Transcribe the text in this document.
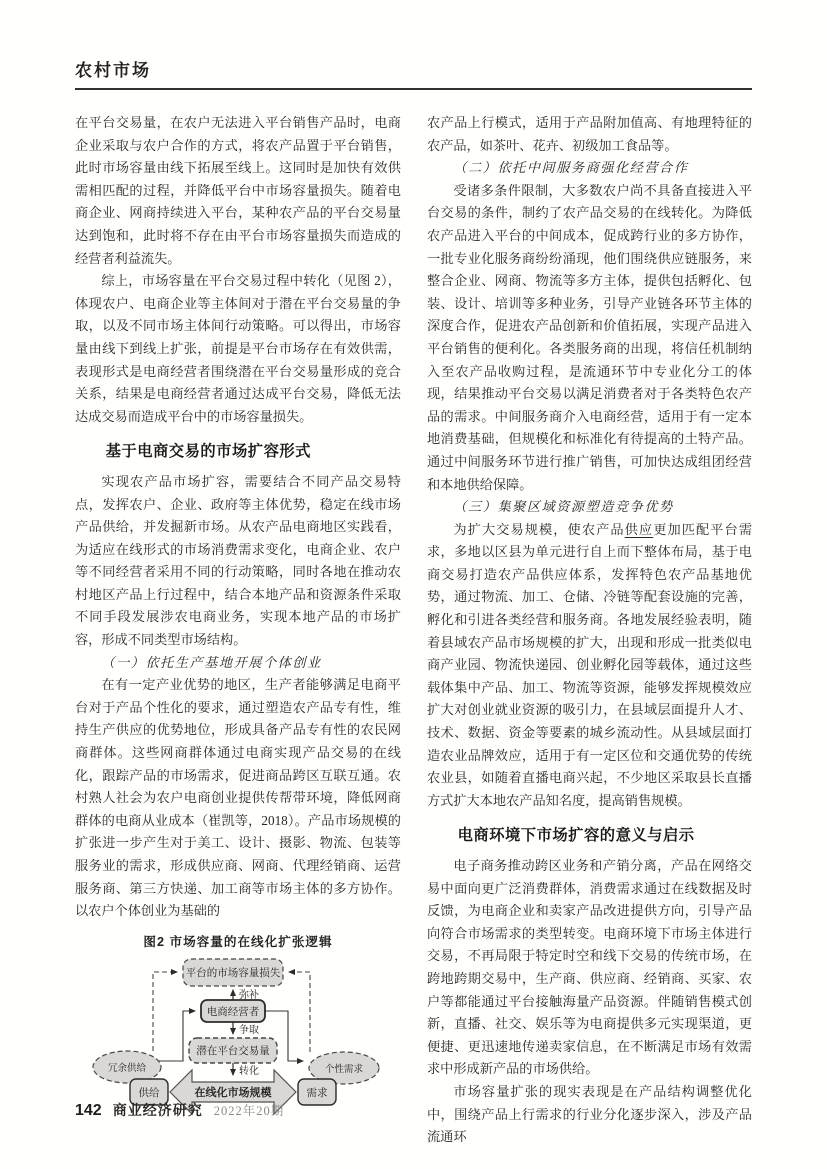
农村市场

在平台交易量，在农户无法进入平台销售产品时，电商企业采取与农户合作的方式，将农产品置于平台销售，此时市场容量由线下拓展至线上。这同时是加快有效供需相匹配的过程，并降低平台中市场容量损失。随着电商企业、网商持续进入平台，某种农产品的平台交易量达到饱和，此时将不存在由平台市场容量损失而造成的经营者利益流失。

综上，市场容量在平台交易过程中转化（见图 2），体现农户、电商企业等主体间对于潜在平台交易量的争取，以及不同市场主体间行动策略。可以得出，市场容量由线下到线上扩张，前提是平台市场存在有效供需，表现形式是电商经营者围绕潜在平台交易量形成的竞合关系，结果是电商经营者通过达成平台交易，降低无法达成交易而造成平台中的市场容量损失。

基于电商交易的市场扩容形式

实现农产品市场扩容，需要结合不同产品交易特点，发挥农户、企业、政府等主体优势，稳定在线市场产品供给，并发掘新市场。从农产品电商地区实践看，为适应在线形式的市场消费需求变化，电商企业、农户等不同经营者采用不同的行动策略，同时各地在推动农村地区产品上行过程中，结合本地产品和资源条件采取不同手段发展涉农电商业务，实现本地产品的市场扩容，形成不同类型市场结构。

（一）依托生产基地开展个体创业

在有一定产业优势的地区，生产者能够满足电商平台对于产品个性化的要求，通过塑造农产品专有性，维持生产供应的优势地位，形成具备产品专有性的农民网商群体。这些网商群体通过电商实现产品交易的在线化，跟踪产品的市场需求，促进商品跨区互联互通。农村熟人社会为农户电商创业提供传帮带环境，降低网商群体的电商从业成本（崔凯等，2018）。产品市场规模的扩张进一步产生对于美工、设计、摄影、物流、包装等服务业的需求，形成供应商、网商、代理经销商、运营服务商、第三方快递、加工商等市场主体的多方协作。以农户个体创业为基础的

图2 市场容量的在线化扩张逻辑
平台的市场容量损失
电商经营者
潜在平台交易量
在线化市场规模
供给	需求
冗余供给	个性需求
弥补
争取
转化

农产品上行模式，适用于产品附加值高、有地理特征的农产品，如茶叶、花卉、初级加工食品等。

（二）依托中间服务商强化经营合作

受诸多条件限制，大多数农户尚不具备直接进入平台交易的条件，制约了农产品交易的在线转化。为降低农产品进入平台的中间成本，促成跨行业的多方协作，一批专业化服务商纷纷涌现，他们围绕供应链服务，来整合企业、网商、物流等多方主体，提供包括孵化、包装、设计、培训等多种业务，引导产业链各环节主体的深度合作，促进农产品创新和价值拓展，实现产品进入平台销售的便利化。各类服务商的出现，将信任机制纳入至农产品收购过程，是流通环节中专业化分工的体现，结果推动平台交易以满足消费者对于各类特色农产品的需求。中间服务商介入电商经营，适用于有一定本地消费基础，但规模化和标准化有待提高的土特产品。通过中间服务环节进行推广销售，可加快达成组团经营和本地供给保障。

（三）集聚区域资源塑造竞争优势

为扩大交易规模，使农产品供应更加匹配平台需求，多地以区县为单元进行自上而下整体布局，基于电商交易打造农产品供应体系，发挥特色农产品基地优势，通过物流、加工、仓储、冷链等配套设施的完善，孵化和引进各类经营和服务商。各地发展经验表明，随着县域农产品市场规模的扩大，出现和形成一批类似电商产业园、物流快递园、创业孵化园等载体，通过这些载体集中产品、加工、物流等资源，能够发挥规模效应扩大对创业就业资源的吸引力，在县域层面提升人才、技术、数据、资金等要素的城乡流动性。从县域层面打造农业品牌效应，适用于有一定区位和交通优势的传统农业县，如随着直播电商兴起，不少地区采取县长直播方式扩大本地农产品知名度，提高销售规模。

电商环境下市场扩容的意义与启示

电子商务推动跨区业务和产销分离，产品在网络交易中面向更广泛消费群体，消费需求通过在线数据及时反馈，为电商企业和卖家产品改进提供方向，引导产品向符合市场需求的类型转变。电商环境下市场主体进行交易，不再局限于特定时空和线下交易的传统市场，在跨地跨期交易中，生产商、供应商、经销商、买家、农户等都能通过平台接触海量产品资源。伴随销售模式创新，直播、社交、娱乐等为电商提供多元实现渠道，更便捷、更迅速地传递卖家信息，在不断满足市场有效需求中形成新产品的市场供给。

市场容量扩张的现实表现是在产品结构调整优化中，围绕产品上行需求的行业分化逐步深入，涉及产品流通环

142 商业经济研究 2022年20期
